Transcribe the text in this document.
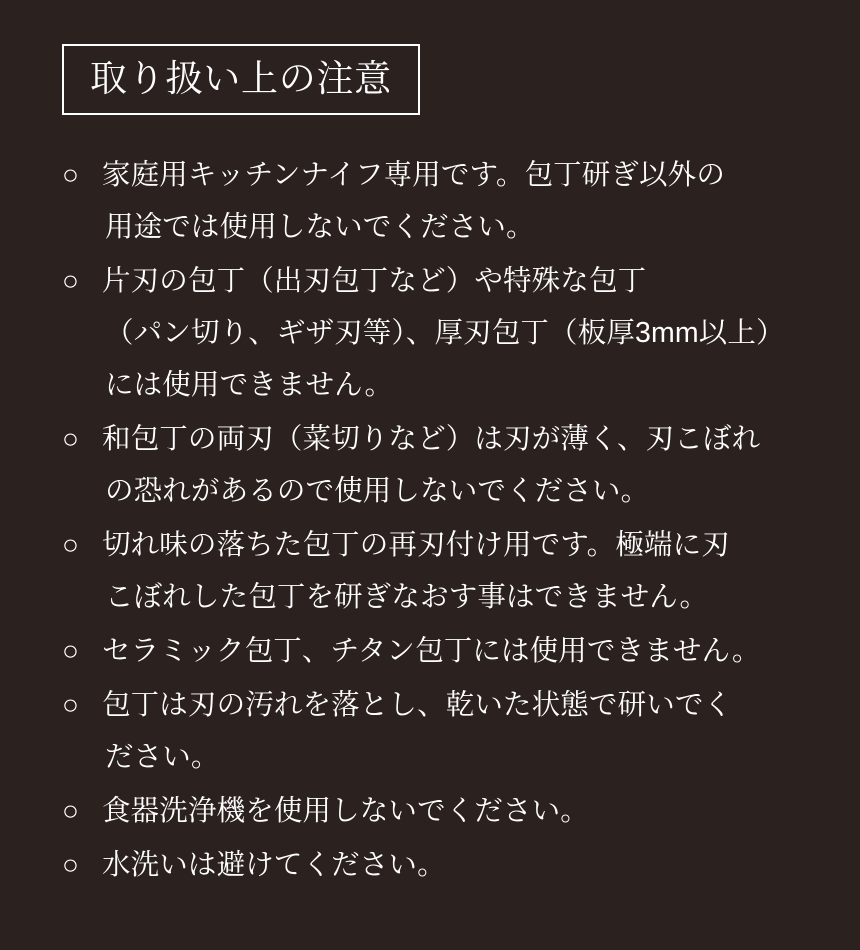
取り扱い上の注意
○ 家庭用キッチンナイフ専用です。包丁研ぎ以外の
用途では使用しないでください。
○ 片刃の包丁（出刃包丁など）や特殊な包丁
（パン切り、ギザ刃等）、厚刃包丁（板厚3mm以上）
には使用できません。
○ 和包丁の両刃（菜切りなど）は刃が薄く、刃こぼれ
の恐れがあるので使用しないでください。
○ 切れ味の落ちた包丁の再刃付け用です。極端に刃
こぼれした包丁を研ぎなおす事はできません。
○ セラミック包丁、チタン包丁には使用できません。
○ 包丁は刃の汚れを落とし、乾いた状態で研いでく
ださい。
○ 食器洗浄機を使用しないでください。
○ 水洗いは避けてください。
